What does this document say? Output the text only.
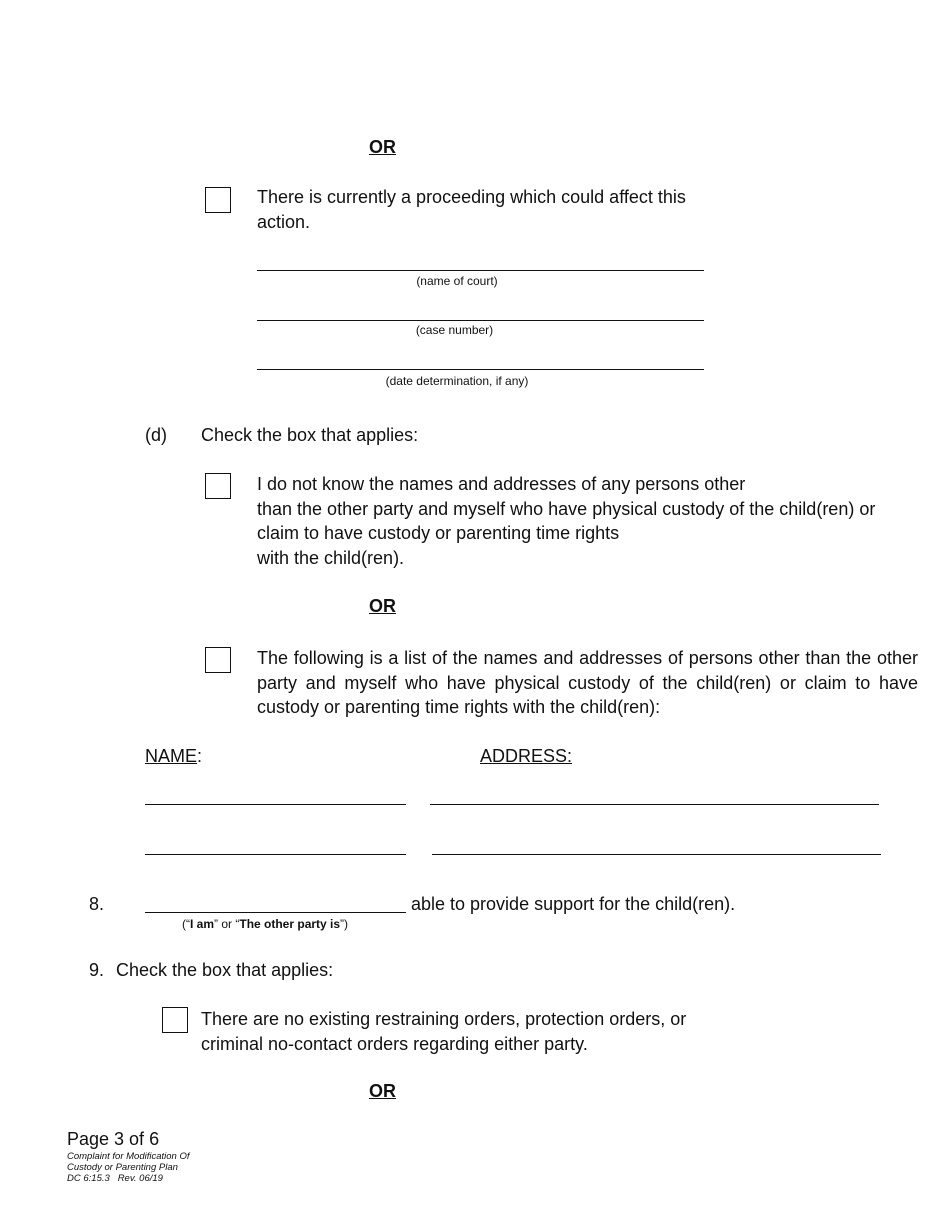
OR
There is currently a proceeding which could affect this action.
(name of court)
(case number)
(date determination, if any)
(d) Check the box that applies:
I do not know the names and addresses of any persons other
than the other party and myself who have physical custody of the child(ren) or
claim to have custody or parenting time rights
with the child(ren).
OR
The following is a list of the names and addresses of persons other than the other party and myself who have physical custody of the child(ren) or claim to have custody or parenting time rights with the child(ren):
NAME:	ADDRESS:
8.	able to provide support for the child(ren).
(“I am” or “The other party is”)
9. Check the box that applies:
There are no existing restraining orders, protection orders, or
criminal no-contact orders regarding either party.
OR
Page 3 of 6
Complaint for Modification Of
Custody or Parenting Plan
DC 6:15.3   Rev. 06/19
